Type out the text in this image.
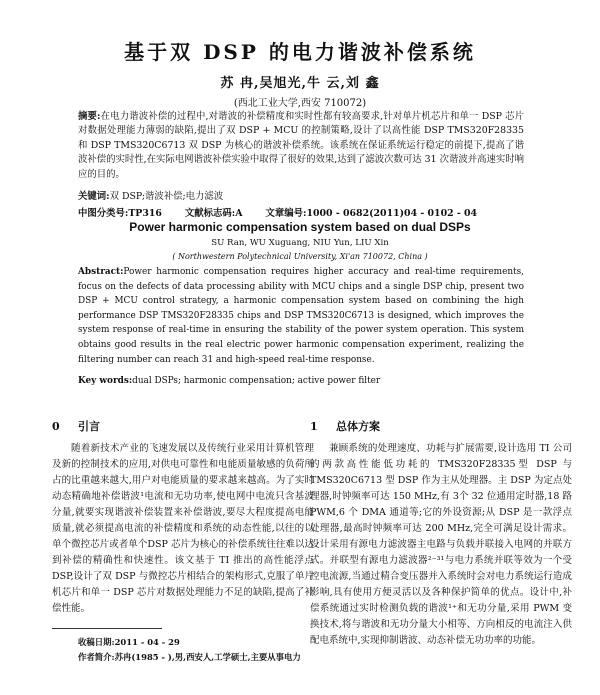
基于双 DSP 的电力谐波补偿系统
苏 冉,吴旭光,牛 云,刘 鑫
(西北工业大学,西安 710072)
摘要:在电力谐波补偿的过程中,对谐波的补偿精度和实时性都有较高要求,针对单片机芯片和单一 DSP 芯片对数据处理能力薄弱的缺陷,提出了双 DSP + MCU 的控制策略,设计了以高性能 DSP TMS320F28335 和 DSP TMS320C6713 双 DSP 为核心的谐波补偿系统。该系统在保证系统运行稳定的前提下,提高了谐波补偿的实时性,在实际电网谐波补偿实验中取得了很好的效果,达到了滤波次数可达 31 次谐波并高速实时响应的目的。
关键词:双 DSP;谐波补偿;电力滤波
中图分类号:TP316 文献标志码:A 文章编号:1000 - 0682(2011)04 - 0102 - 04
Power harmonic compensation system based on dual DSPs
SU Ran, WU Xuguang, NIU Yun, LIU Xin
( Northwestern Polytechnical University, Xi'an 710072, China )
Abstract:Power harmonic compensation requires higher accuracy and real-time requirements, focus on the defects of data processing ability with MCU chips and a single DSP chip, present two DSP + MCU control strategy, a harmonic compensation system based on combining the high performance DSP TMS320F28335 chips and DSP TMS320C6713 is designed, which improves the system response of real-time in ensuring the stability of the power system operation. This system obtains good results in the real electric power harmonic compensation experiment, realizing the filtering number can reach 31 and high-speed real-time response.
Key words:dual DSPs; harmonic compensation; active power filter
0 引言

随着新技术产业的飞速发展以及传统行业采用计算机管理及新的控制技术的应用,对供电可靠性和电能质量敏感的负荷所占的比重越来越大,用户对电能质量的要求越来越高。为了实时动态精确地补偿谐波¹电流和无功功率,使电网中电流只含基波分量,就要实现谐波补偿装置来补偿谐波,要尽大程度提高电能质量,就必须提高电流的补偿精度和系统的动态性能,以往的以单个微控芯片或者单个DSP 芯片为核心的补偿系统往往难以达到补偿的精确性和快速性。该文基于 TI 推出的高性能浮点DSP,设计了双 DSP 与微控芯片相结合的架构形式,克服了单片机芯片和单一 DSP 芯片对数据处理能力不足的缺陷,提高了补偿性能。

1 总体方案

兼顾系统的处理速度、功耗与扩展需要,设计选用 TI 公司的两款高性能低功耗的 TMS320F28335型 DSP 与 TMS320C6713 型 DSP 作为主从处理器。主 DSP 为定点处理器,时钟频率可达 150 MHz,有 3个 32 位通用定时器,18 路 PWM,6 个 DMA 通道等;它的外设资源;从 DSP 是一款浮点处理器,最高时钟频率可达 200 MHz,完全可满足设计需求。设计采用有源电力滤波器主电路与负载并联接入电网的并联方式。并联型有源电力滤波器²⁻³¹与电力系统并联等效为一个受控电流源,当通过精合变压器并入系统时会对电力系统运行造成影响,具有使用方便灵活以及各种保护简单的优点。设计中,补偿系统通过实时检测负载的谐波¹⁺和无功分量,采用 PWM 变换技术,将与谐波和无功分量大小相等、方向相反的电流注入供配电系统中,实现抑制谐波、动态补偿无功功率的功能。

收稿日期:2011 - 04 - 29
作者简介:苏冉(1985 - ),男,西安人,工学硕士,主要从事电力
